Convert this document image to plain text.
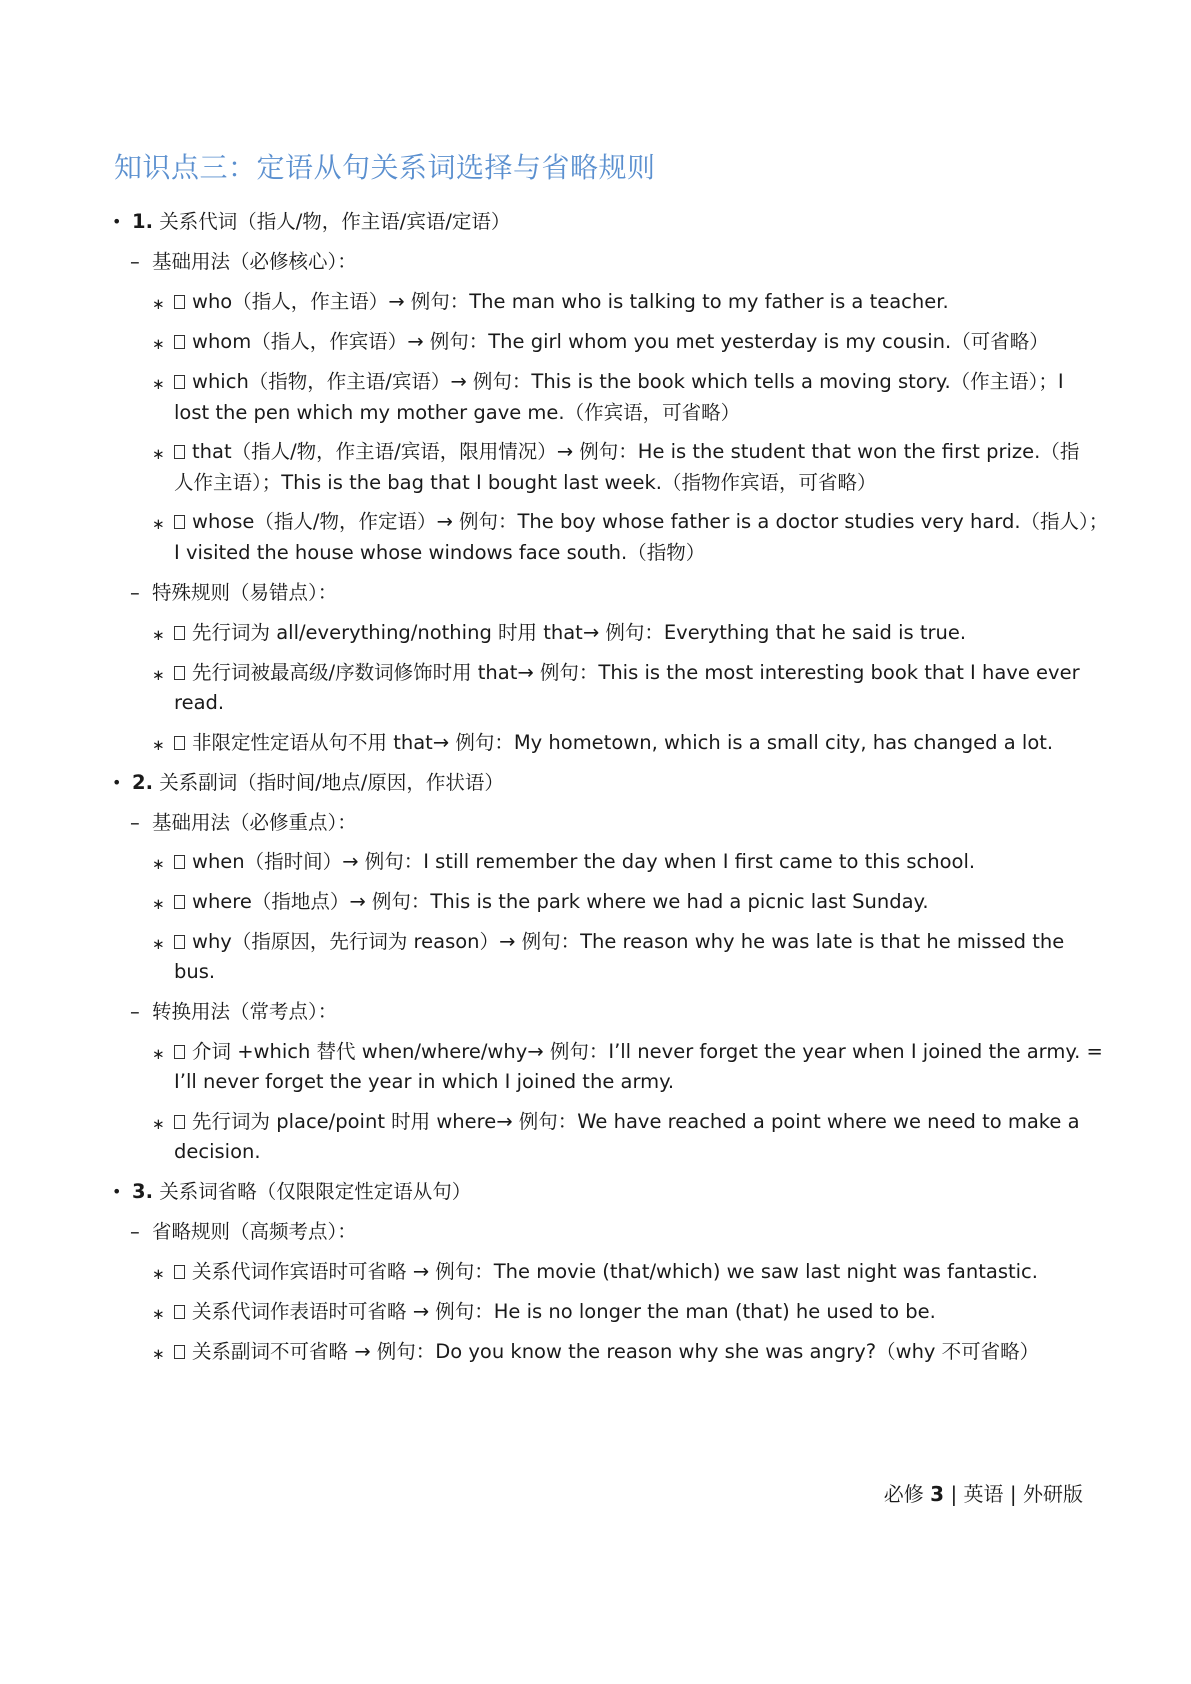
知识点三：定语从句关系词选择与省略规则
• 1. 关系代词（指人/物，作主语/宾语/定语）
– 基础用法（必修核心）：
∗	who（指人，作主语）→ 例句：The man who is talking to my father is a teacher.
∗	whom（指人，作宾语）→ 例句：The girl whom you met yesterday is my cousin.（可省略）
∗	which（指物，作主语/宾语）→ 例句：This is the book which tells a moving story.（作主语）；I
lost the pen which my mother gave me.（作宾语，可省略）
∗	that（指人/物，作主语/宾语，限用情况）→ 例句：He is the student that won the first prize.（指
人作主语）；This is the bag that I bought last week.（指物作宾语，可省略）
∗	whose（指人/物，作定语）→ 例句：The boy whose father is a doctor studies very hard.（指人）；
I visited the house whose windows face south.（指物）
– 特殊规则（易错点）：
∗	先行词为 all/everything/nothing 时用 that→ 例句：Everything that he said is true.
∗	先行词被最高级/序数词修饰时用 that→ 例句：This is the most interesting book that I have ever
read.
∗	非限定性定语从句不用 that→ 例句：My hometown, which is a small city, has changed a lot.
• 2. 关系副词（指时间/地点/原因，作状语）
– 基础用法（必修重点）：
∗	when（指时间）→ 例句：I still remember the day when I first came to this school.
∗	where（指地点）→ 例句：This is the park where we had a picnic last Sunday.
∗	why（指原因，先行词为 reason）→ 例句：The reason why he was late is that he missed the
bus.
– 转换用法（常考点）：
∗	介词 +which 替代 when/where/why→ 例句：I’ll never forget the year when I joined the army. =
I’ll never forget the year in which I joined the army.
∗	先行词为 place/point 时用 where→ 例句：We have reached a point where we need to make a
decision.
• 3. 关系词省略（仅限限定性定语从句）
– 省略规则（高频考点）：
∗	关系代词作宾语时可省略 → 例句：The movie (that/which) we saw last night was fantastic.
∗	关系代词作表语时可省略 → 例句：He is no longer the man (that) he used to be.
∗	关系副词不可省略 → 例句：Do you know the reason why she was angry?（why 不可省略）
必修 3 | 英语 | 外研版
